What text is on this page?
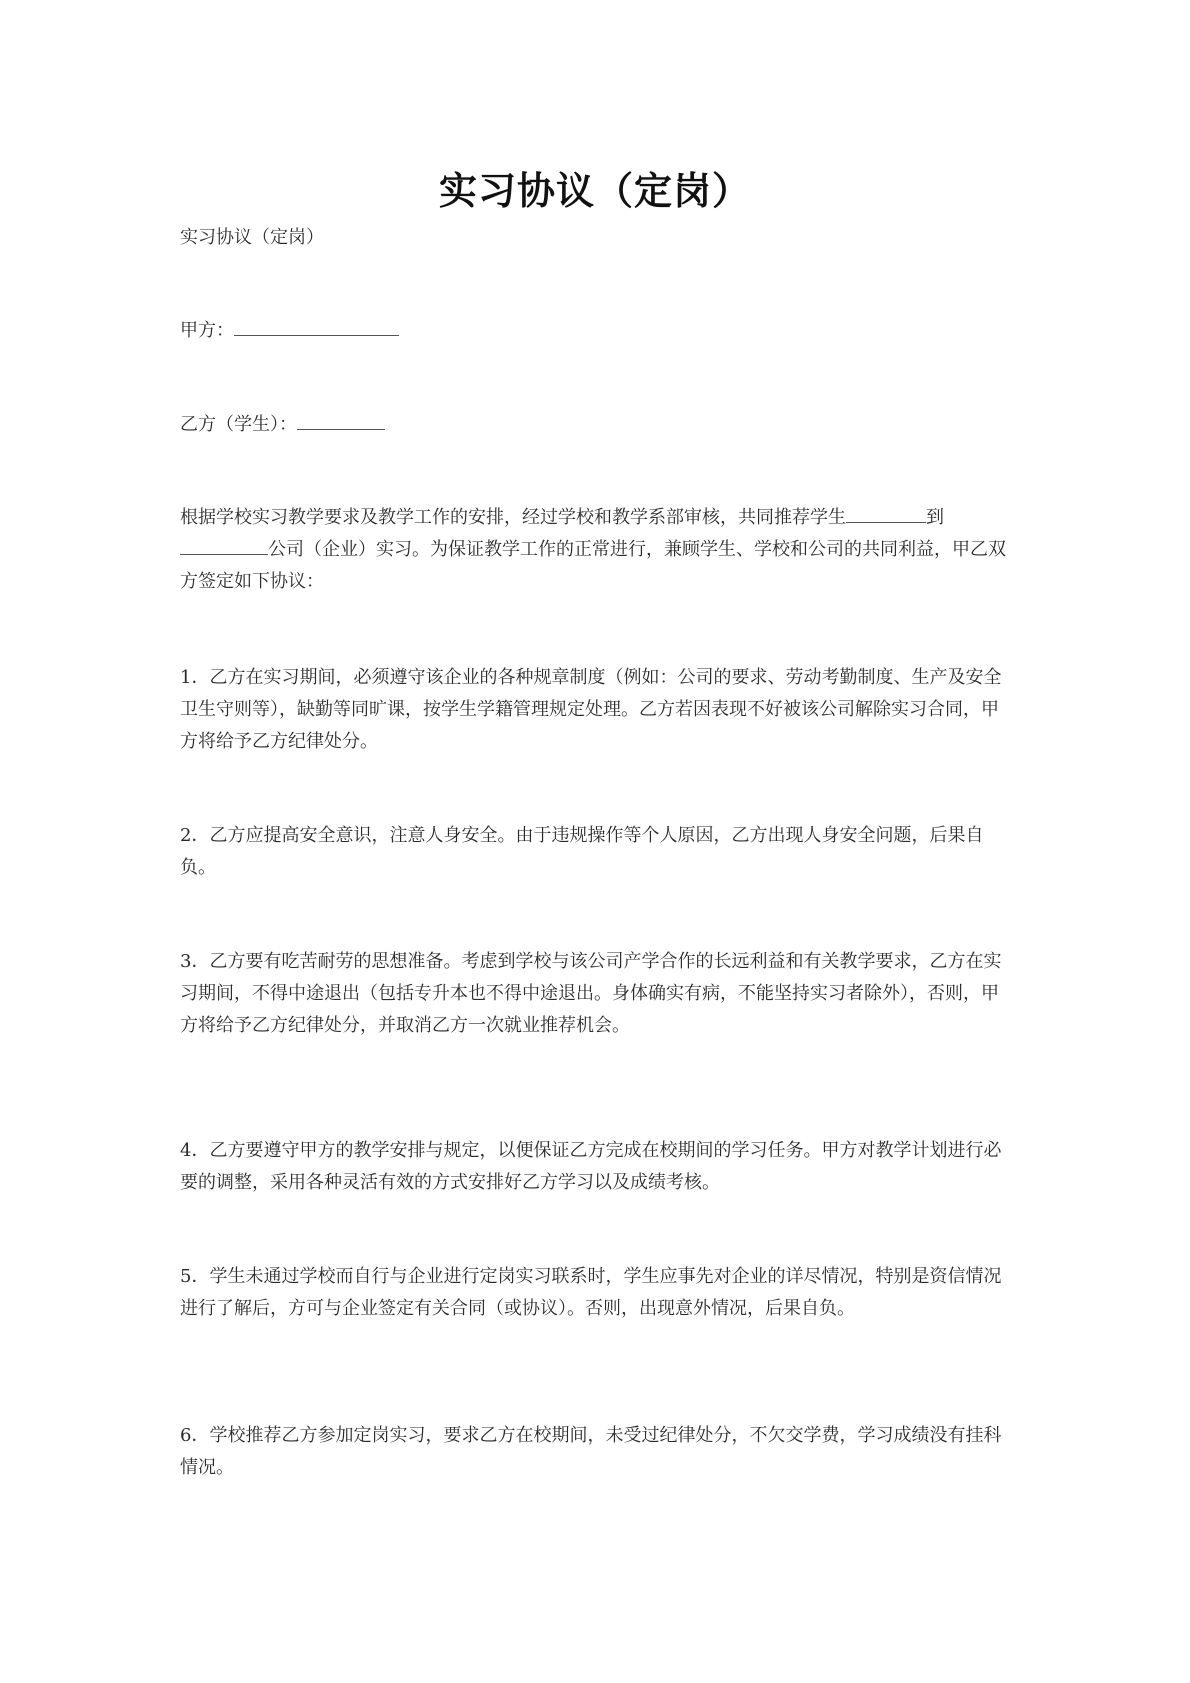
实习协议（定岗）
实习协议（定岗）
甲方：
乙方（学生）：
根据学校实习教学要求及教学工作的安排，经过学校和教学系部审核，共同推荐学生	到公司（企业）实习。为保证教学工作的正常进行，兼顾学生、学校和公司的共同利益，甲乙双方签定如下协议：

1．乙方在实习期间，必须遵守该企业的各种规章制度（例如：公司的要求、劳动考勤制度、生产及安全卫生守则等），缺勤等同旷课，按学生学籍管理规定处理。乙方若因表现不好被该公司解除实习合同，甲方将给予乙方纪律处分。

2．乙方应提高安全意识，注意人身安全。由于违规操作等个人原因，乙方出现人身安全问题，后果自负。

3．乙方要有吃苦耐劳的思想准备。考虑到学校与该公司产学合作的长远利益和有关教学要求，乙方在实习期间，不得中途退出（包括专升本也不得中途退出。身体确实有病，不能坚持实习者除外），否则，甲方将给予乙方纪律处分，并取消乙方一次就业推荐机会。

4．乙方要遵守甲方的教学安排与规定，以便保证乙方完成在校期间的学习任务。甲方对教学计划进行必要的调整，采用各种灵活有效的方式安排好乙方学习以及成绩考核。

5．学生未通过学校而自行与企业进行定岗实习联系时，学生应事先对企业的详尽情况，特别是资信情况进行了解后，方可与企业签定有关合同（或协议）。否则，出现意外情况，后果自负。

6．学校推荐乙方参加定岗实习，要求乙方在校期间，未受过纪律处分，不欠交学费，学习成绩没有挂科情况。
